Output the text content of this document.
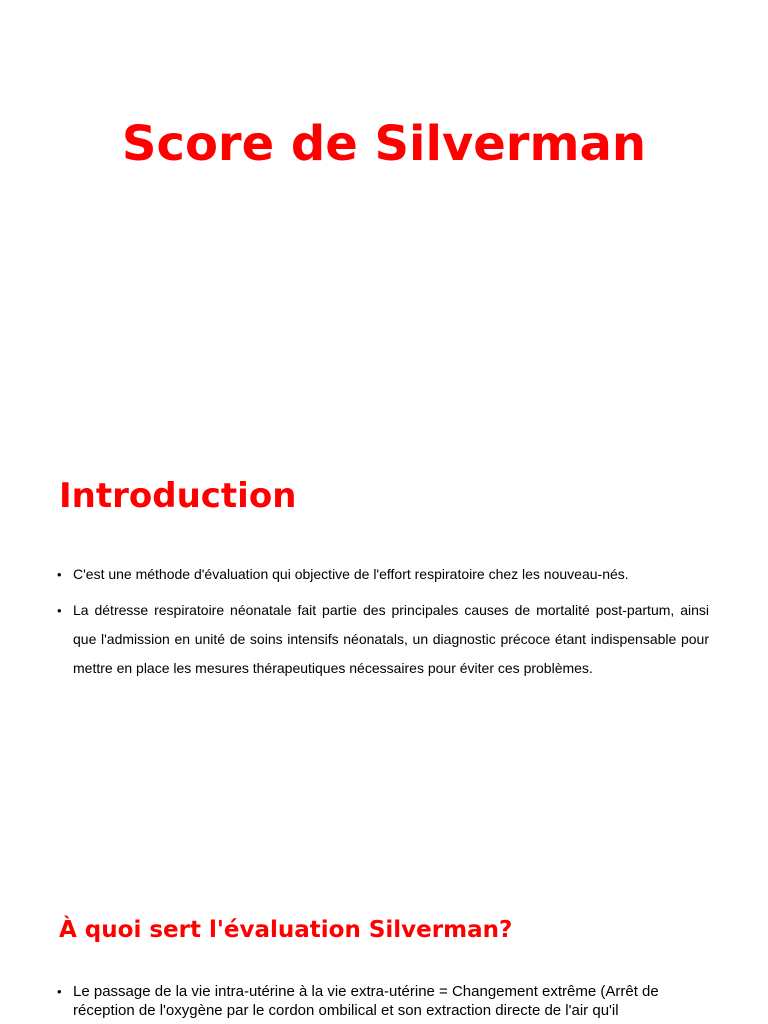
Score de Silverman
Introduction
• C'est une méthode d'évaluation qui objective de l'effort respiratoire chez les nouveau-nés.
• La détresse respiratoire néonatale fait partie des principales causes de mortalité post-partum, ainsi que l'admission en unité de soins intensifs néonatals, un diagnostic précoce étant indispensable pour mettre en place les mesures thérapeutiques nécessaires pour éviter ces problèmes.
À quoi sert l'évaluation Silverman?
• Le passage de la vie intra-utérine à la vie extra-utérine = Changement extrême (Arrêt de réception de l'oxygène par le cordon ombilical et son extraction directe de l'air qu'il
